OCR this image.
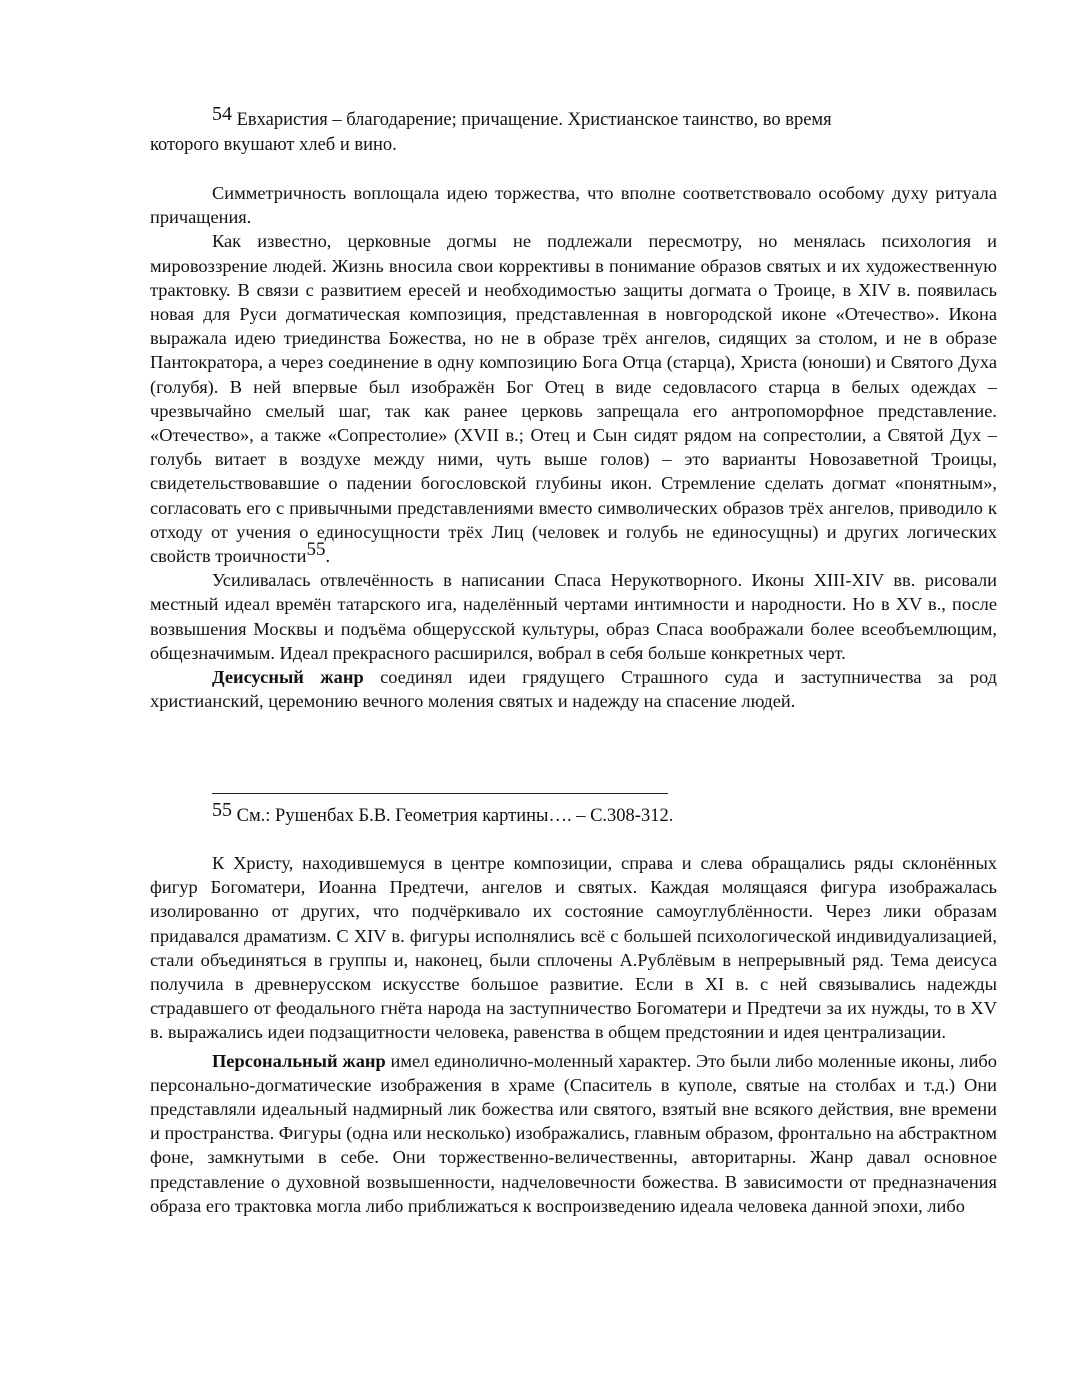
54 Евхаристия – благодарение; причащение. Христианское таинство, во время
которого вкушают хлеб и вино.

Симметричность воплощала идею торжества, что вполне соответствовало особому духу ритуала причащения.

Как известно, церковные догмы не подлежали пересмотру, но менялась психология и мировоззрение людей. Жизнь вносила свои коррективы в понимание образов святых и их художественную трактовку. В связи с развитием ересей и необходимостью защиты догмата о Троице, в XIV в. появилась новая для Руси догматическая композиция, представленная в новгородской иконе «Отечество». Икона выражала идею триединства Божества, но не в образе трёх ангелов, сидящих за столом, и не в образе Пантократора, а через соединение в одну композицию Бога Отца (старца), Христа (юноши) и Святого Духа (голубя). В ней впервые был изображён Бог Отец в виде седовласого старца в белых одеждах – чрезвычайно смелый шаг, так как ранее церковь запрещала его антропоморфное представление. «Отечество», а также «Сопрестолие» (XVII в.; Отец и Сын сидят рядом на сопрестолии, а Святой Дух – голубь витает в воздухе между ними, чуть выше голов) – это варианты Новозаветной Троицы, свидетельствовавшие о падении богословской глубины икон. Стремление сделать догмат «понятным», согласовать его с привычными представлениями вместо символических образов трёх ангелов, приводило к отходу от учения о единосущности трёх Лиц (человек и голубь не единосущны) и других логических свойств троичности55.

Усиливалась отвлечённость в написании Спаса Нерукотворного. Иконы XIII-XIV вв. рисовали местный идеал времён татарского ига, наделённый чертами интимности и народности. Но в XV в., после возвышения Москвы и подъёма общерусской культуры, образ Спаса воображали более всеобъемлющим, общезначимым. Идеал прекрасного расширился, вобрал в себя больше конкретных черт.

Деисусный жанр соединял идеи грядущего Страшного суда и заступничества за род христианский, церемонию вечного моления святых и надежду на спасение людей.

55 См.: Рушенбах Б.В. Геометрия картины…. – С.308-312.

К Христу, находившемуся в центре композиции, справа и слева обращались ряды склонённых фигур Богоматери, Иоанна Предтечи, ангелов и святых. Каждая молящаяся фигура изображалась изолированно от других, что подчёркивало их состояние самоуглублённости. Через лики образам придавался драматизм. С XIV в. фигуры исполнялись всё с большей психологической индивидуализацией, стали объединяться в группы и, наконец, были сплочены А.Рублёвым в непрерывный ряд. Тема деисуса получила в древнерусском искусстве большое развитие. Если в XI в. с ней связывались надежды страдавшего от феодального гнёта народа на заступничество Богоматери и Предтечи за их нужды, то в XV в. выражались идеи подзащитности человека, равенства в общем предстоянии и идея централизации.

Персональный жанр имел единолично-моленный характер. Это были либо моленные иконы, либо персонально-догматические изображения в храме (Спаситель в куполе, святые на столбах и т.д.) Они представляли идеальный надмирный лик божества или святого, взятый вне всякого действия, вне времени и пространства. Фигуры (одна или несколько) изображались, главным образом, фронтально на абстрактном фоне, замкнутыми в себе. Они торжественно-величественны, авторитарны. Жанр давал основное представление о духовной возвышенности, надчеловечности божества. В зависимости от предназначения образа его трактовка могла либо приближаться к воспроизведению идеала человека данной эпохи, либо
